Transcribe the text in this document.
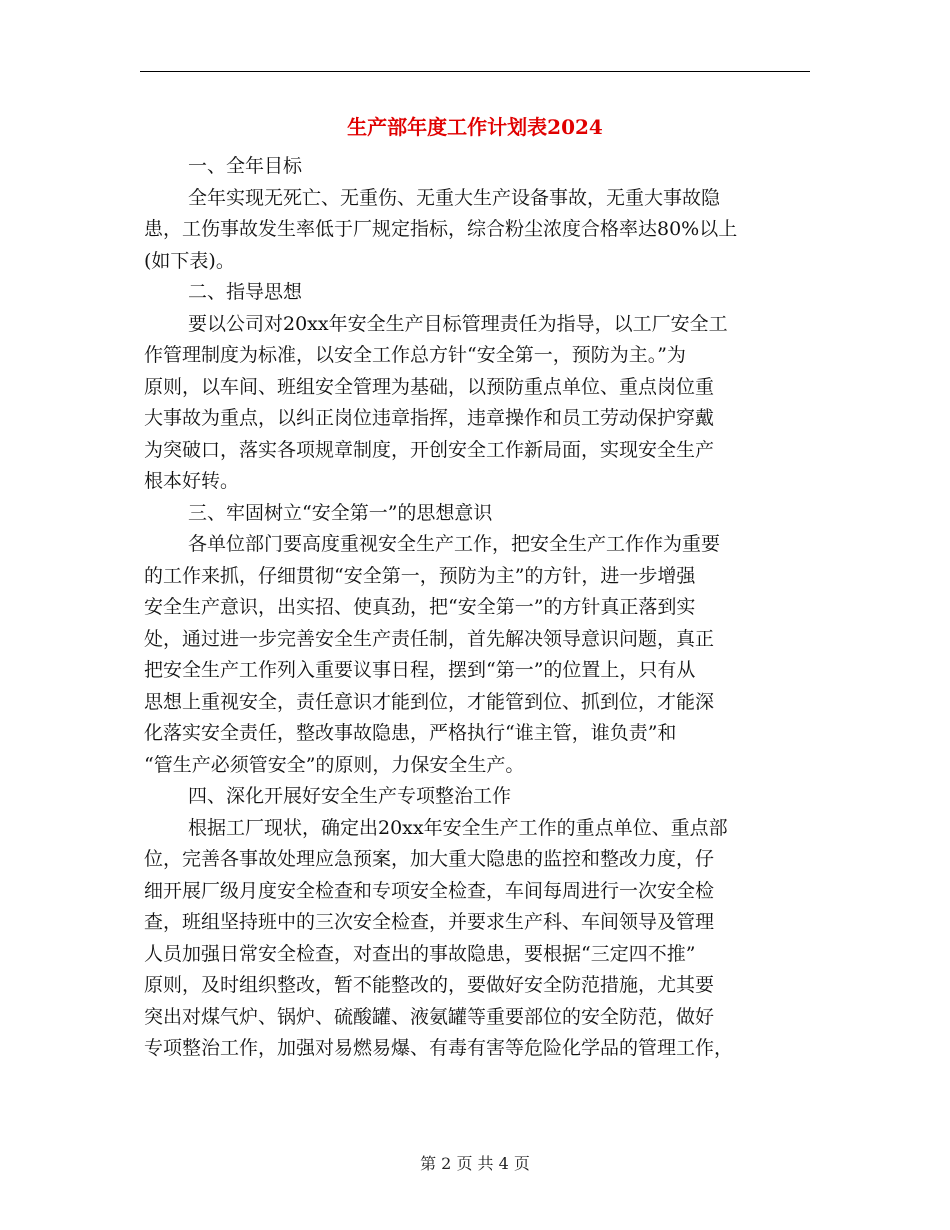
生产部年度工作计划表2024
一、全年目标
全年实现无死亡、无重伤、无重大生产设备事故，无重大事故隐
患，工伤事故发生率低于厂规定指标，综合粉尘浓度合格率达80%以上
(如下表)。
二、指导思想
要以公司对20xx年安全生产目标管理责任为指导，以工厂安全工
作管理制度为标准，以安全工作总方针“安全第一，预防为主。”为
原则，以车间、班组安全管理为基础，以预防重点单位、重点岗位重
大事故为重点，以纠正岗位违章指挥，违章操作和员工劳动保护穿戴
为突破口，落实各项规章制度，开创安全工作新局面，实现安全生产
根本好转。
三、牢固树立“安全第一”的思想意识
各单位部门要高度重视安全生产工作，把安全生产工作作为重要
的工作来抓，仔细贯彻“安全第一，预防为主”的方针，进一步增强
安全生产意识，出实招、使真劲，把“安全第一”的方针真正落到实
处，通过进一步完善安全生产责任制，首先解决领导意识问题，真正
把安全生产工作列入重要议事日程，摆到“第一”的位置上，只有从
思想上重视安全，责任意识才能到位，才能管到位、抓到位，才能深
化落实安全责任，整改事故隐患，严格执行“谁主管，谁负责”和
“管生产必须管安全”的原则，力保安全生产。
四、深化开展好安全生产专项整治工作
根据工厂现状，确定出20xx年安全生产工作的重点单位、重点部
位，完善各事故处理应急预案，加大重大隐患的监控和整改力度，仔
细开展厂级月度安全检查和专项安全检查，车间每周进行一次安全检
查，班组坚持班中的三次安全检查，并要求生产科、车间领导及管理
人员加强日常安全检查，对查出的事故隐患，要根据“三定四不推”
原则，及时组织整改，暂不能整改的，要做好安全防范措施，尤其要
突出对煤气炉、锅炉、硫酸罐、液氨罐等重要部位的安全防范，做好
专项整治工作，加强对易燃易爆、有毒有害等危险化学品的管理工作，
第 2 页 共 4 页
